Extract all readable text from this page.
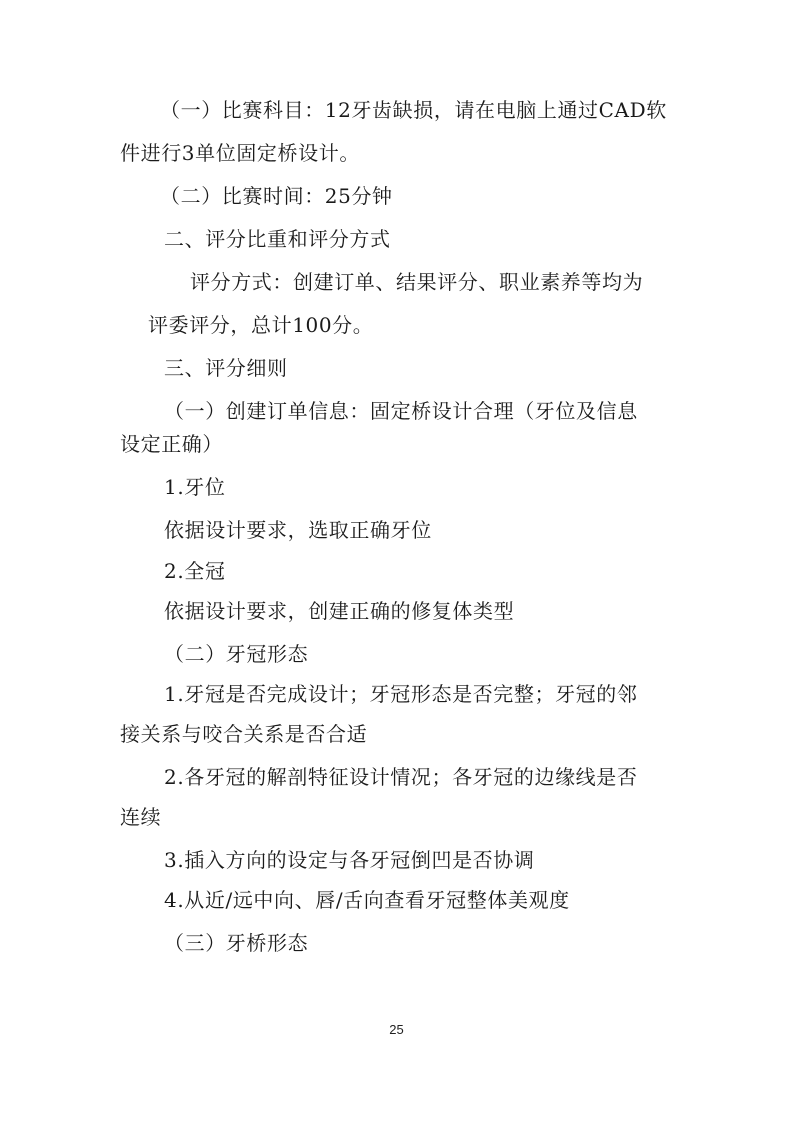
（一）比赛科目：12牙齿缺损，请在电脑上通过CAD软
件进行3单位固定桥设计。
（二）比赛时间：25分钟
二、评分比重和评分方式
评分方式：创建订单、结果评分、职业素养等均为
评委评分，总计100分。
三、评分细则
（一）创建订单信息：固定桥设计合理（牙位及信息
设定正确）
1.牙位
依据设计要求，选取正确牙位
2.全冠
依据设计要求，创建正确的修复体类型
（二）牙冠形态
1.牙冠是否完成设计；牙冠形态是否完整；牙冠的邻
接关系与咬合关系是否合适
2.各牙冠的解剖特征设计情况；各牙冠的边缘线是否
连续
3.插入方向的设定与各牙冠倒凹是否协调
4.从近/远中向、唇/舌向查看牙冠整体美观度
（三）牙桥形态
25
